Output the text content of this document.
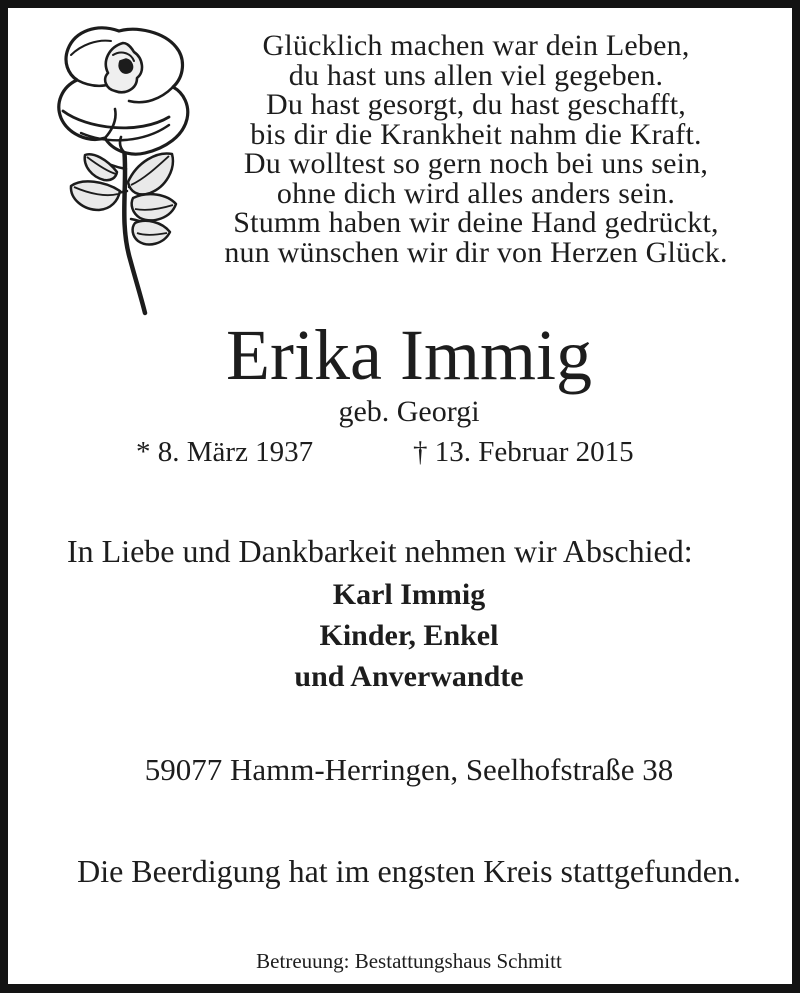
Glücklich machen war dein Leben,
du hast uns allen viel gegeben.
Du hast gesorgt, du hast geschafft,
bis dir die Krankheit nahm die Kraft.
Du wolltest so gern noch bei uns sein,
ohne dich wird alles anders sein.
Stumm haben wir deine Hand gedrückt,
nun wünschen wir dir von Herzen Glück.
Erika Immig
geb. Georgi
* 8. März 1937	† 13. Februar 2015
In Liebe und Dankbarkeit nehmen wir Abschied:
Karl Immig
Kinder, Enkel
und Anverwandte
59077 Hamm-Herringen, Seelhofstraße 38
Die Beerdigung hat im engsten Kreis stattgefunden.
Betreuung: Bestattungshaus Schmitt
